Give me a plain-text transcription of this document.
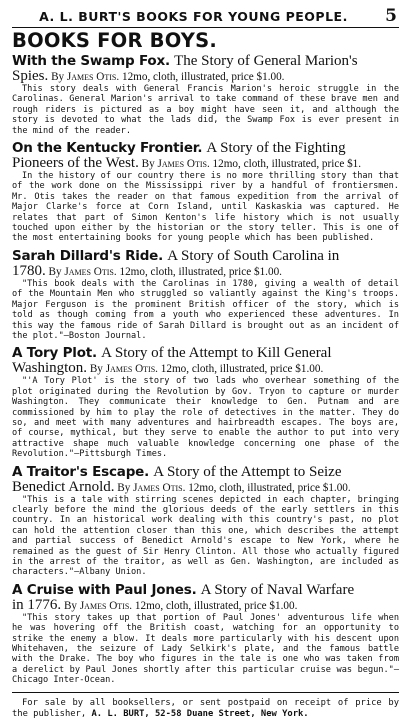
A. L. BURT'S BOOKS FOR YOUNG PEOPLE.	5
BOOKS FOR BOYS.
With the Swamp Fox. The Story of General Marion's
Spies. By James Otis. 12mo, cloth, illustrated, price $1.00.

This story deals with General Francis Marion's heroic struggle in the Carolinas. General Marion's arrival to take command of these brave men and rough riders is pictured as a boy might have seen it, and although the story is devoted to what the lads did, the Swamp Fox is ever present in the mind of the reader.

On the Kentucky Frontier. A Story of the Fighting
Pioneers of the West. By James Otis. 12mo, cloth, illustrated, price $1.

In the history of our country there is no more thrilling story than that of the work done on the Mississippi river by a handful of frontiersmen. Mr. Otis takes the reader on that famous expedition from the arrival of Major Clarke's force at Corn Island, until Kaskaskia was captured. He relates that part of Simon Kenton's life history which is not usually touched upon either by the historian or the story teller. This is one of the most entertaining books for young people which has been published.

Sarah Dillard's Ride. A Story of South Carolina in
1780. By James Otis. 12mo, cloth, illustrated, price $1.00.

"This book deals with the Carolinas in 1780, giving a wealth of detail of the Mountain Men who struggled so valiantly against the King's troops. Major Ferguson is the prominent British officer of the story, which is told as though coming from a youth who experienced these adventures. In this way the famous ride of Sarah Dillard is brought out as an incident of the plot."—Boston Journal.

A Tory Plot. A Story of the Attempt to Kill General
Washington. By James Otis. 12mo, cloth, illustrated, price $1.00.

"'A Tory Plot' is the story of two lads who overhear something of the plot originated during the Revolution by Gov. Tryon to capture or murder Washington. They communicate their knowledge to Gen. Putnam and are commissioned by him to play the role of detectives in the matter. They do so, and meet with many adventures and hairbreadth escapes. The boys are, of course, mythical, but they serve to enable the author to put into very attractive shape much valuable knowledge concerning one phase of the Revolution."—Pittsburgh Times.

A Traitor's Escape. A Story of the Attempt to Seize
Benedict Arnold. By James Otis. 12mo, cloth, illustrated, price $1.00.

"This is a tale with stirring scenes depicted in each chapter, bringing clearly before the mind the glorious deeds of the early settlers in this country. In an historical work dealing with this country's past, no plot can hold the attention closer than this one, which describes the attempt and partial success of Benedict Arnold's escape to New York, where he remained as the guest of Sir Henry Clinton. All those who actually figured in the arrest of the traitor, as well as Gen. Washington, are included as characters."—Albany Union.

A Cruise with Paul Jones. A Story of Naval Warfare
in 1776. By James Otis. 12mo, cloth, illustrated, price $1.00.

"This story takes up that portion of Paul Jones' adventurous life when he was hovering off the British coast, watching for an opportunity to strike the enemy a blow. It deals more particularly with his descent upon Whitehaven, the seizure of Lady Selkirk's plate, and the famous battle with the Drake. The boy who figures in the tale is one who was taken from a derelict by Paul Jones shortly after this particular cruise was begun."—Chicago Inter-Ocean.

For sale by all booksellers, or sent postpaid on receipt of price by the publisher, A. L. BURT, 52-58 Duane Street, New York.
